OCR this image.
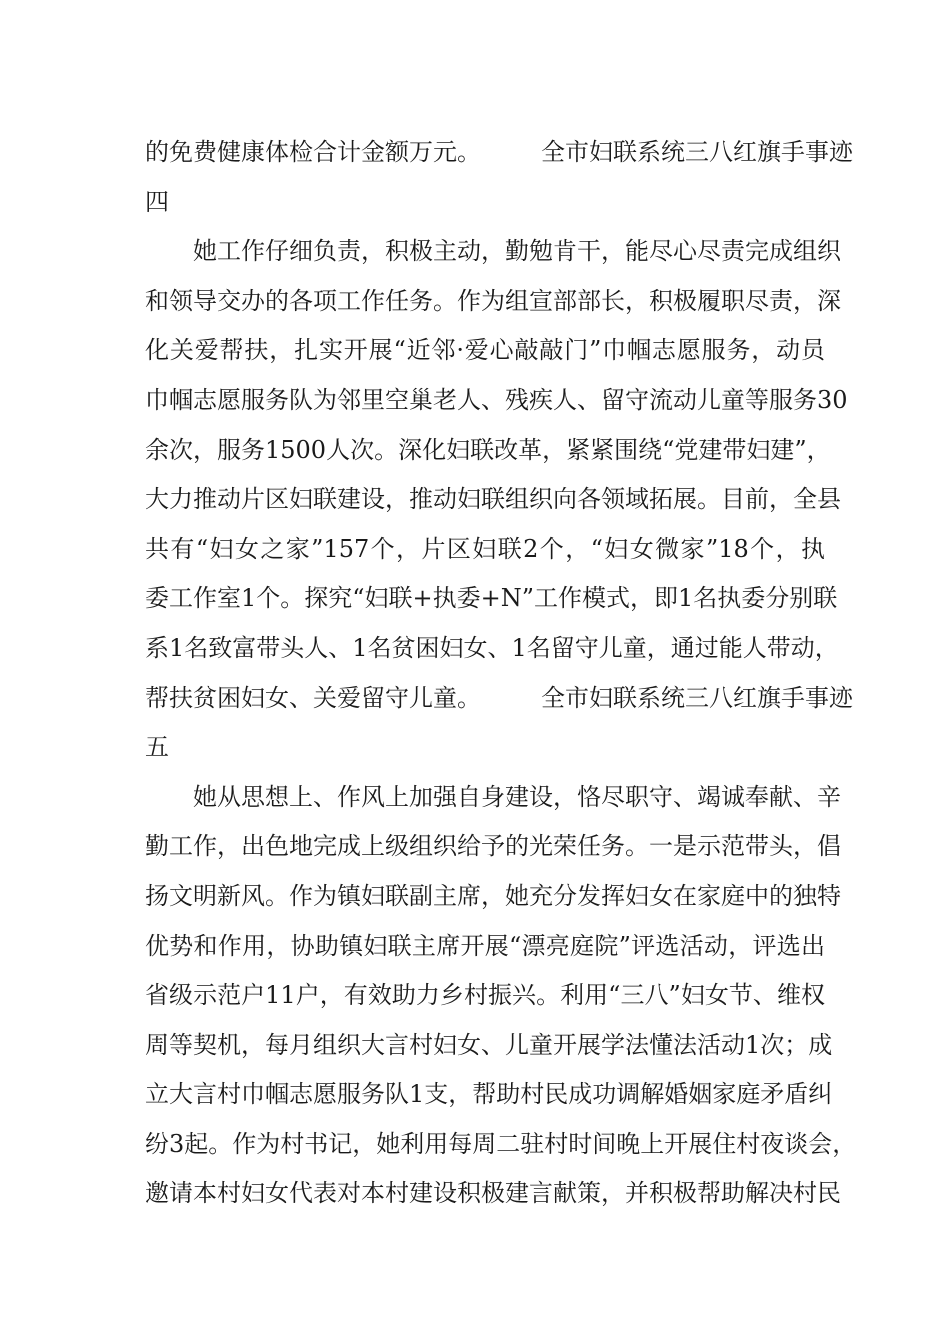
的免费健康体检合计金额万元。　　　全市妇联系统三八红旗手事迹
四
她工作仔细负责，积极主动，勤勉肯干，能尽心尽责完成组织
和领导交办的各项工作任务。作为组宣部部长，积极履职尽责，深
化关爱帮扶，扎实开展“近邻·爱心敲敲门”巾帼志愿服务，动员
巾帼志愿服务队为邻里空巢老人、残疾人、留守流动儿童等服务30
余次，服务1500人次。深化妇联改革，紧紧围绕“党建带妇建”，
大力推动片区妇联建设，推动妇联组织向各领域拓展。目前，全县
共有“妇女之家”157个，片区妇联2个，“妇女微家”18个，执
委工作室1个。探究“妇联+执委+N”工作模式，即1名执委分别联
系1名致富带头人、1名贫困妇女、1名留守儿童，通过能人带动，
帮扶贫困妇女、关爱留守儿童。　　　全市妇联系统三八红旗手事迹
五
她从思想上、作风上加强自身建设，恪尽职守、竭诚奉献、辛
勤工作，出色地完成上级组织给予的光荣任务。一是示范带头，倡
扬文明新风。作为镇妇联副主席，她充分发挥妇女在家庭中的独特
优势和作用，协助镇妇联主席开展“漂亮庭院”评选活动，评选出
省级示范户11户，有效助力乡村振兴。利用“三八”妇女节、维权
周等契机，每月组织大言村妇女、儿童开展学法懂法活动1次；成
立大言村巾帼志愿服务队1支，帮助村民成功调解婚姻家庭矛盾纠
纷3起。作为村书记，她利用每周二驻村时间晚上开展住村夜谈会，
邀请本村妇女代表对本村建设积极建言献策，并积极帮助解决村民
